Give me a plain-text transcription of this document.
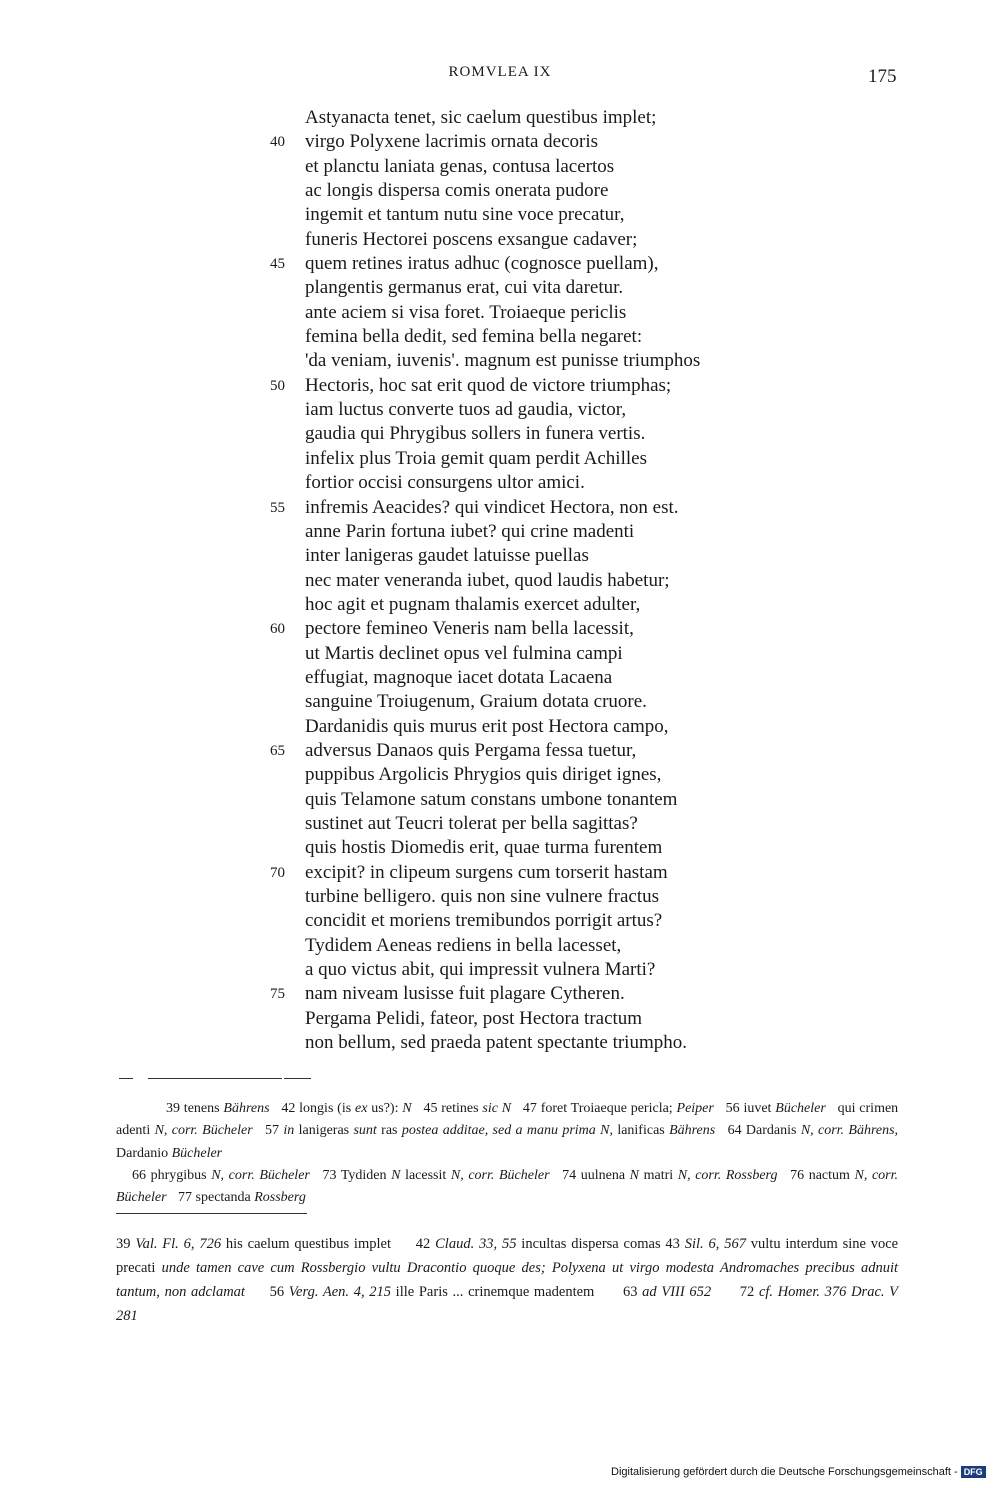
ROMVLEA IX	175
Astyanacta tenet, sic caelum questibus implet;
40 virgo Polyxene lacrimis ornata decoris
et planctu laniata genas, contusa lacertos
ac longis dispersa comis onerata pudore
ingemit et tantum nutu sine voce precatur,
funeris Hectorei poscens exsangue cadaver;
45 quem retines iratus adhuc (cognosce puellam),
plangentis germanus erat, cui vita daretur.
ante aciem si visa foret. Troiaeque periclis
femina bella dedit, sed femina bella negaret:
'da veniam, iuvenis'. magnum est punisse triumphos
50 Hectoris, hoc sat erit quod de victore triumphas;
iam luctus converte tuos ad gaudia, victor,
gaudia qui Phrygibus sollers in funera vertis.
infelix plus Troia gemit quam perdit Achilles
fortior occisi consurgens ultor amici.
55 infremis Aeacides? qui vindicet Hectora, non est.
anne Parin fortuna iubet? qui crine madenti
inter lanigeras gaudet latuisse puellas
nec mater veneranda iubet, quod laudis habetur;
hoc agit et pugnam thalamis exercet adulter,
60 pectore femineo Veneris nam bella lacessit,
ut Martis declinet opus vel fulmina campi
effugiat, magnoque iacet dotata Lacaena
sanguine Troiugenum, Graium dotata cruore.
Dardanidis quis murus erit post Hectora campo,
65 adversus Danaos quis Pergama fessa tuetur,
puppibus Argolicis Phrygios quis diriget ignes,
quis Telamone satum constans umbone tonantem
sustinet aut Teucri tolerat per bella sagittas?
quis hostis Diomedis erit, quae turma furentem
70 excipit? in clipeum surgens cum torserit hastam
turbine belligero. quis non sine vulnere fractus
concidit et moriens tremibundos porrigit artus?
Tydidem Aeneas rediens in bella lacesset,
a quo victus abit, qui impressit vulnera Marti?
75 nam niveam lusisse fuit plagare Cytheren.
Pergama Pelidi, fateor, post Hectora tractum
non bellum, sed praeda patent spectante triumpho.
39 tenens Bährens 42 longis (is ex us?): N 45 retines sic N 47 foret Troiaeque pericla; Peiper 56 iuvet Bücheler qui crimen adenti N, corr. Bücheler 57 in lanigeras sunt ras postea additae, sed a manu prima N, lanificas Bährens 64 Dardanis N, corr. Bährens, Dardanio Bücheler
66 phrygibus N, corr. Bücheler 73 Tydiden N lacessit N, corr. Bücheler 74 uulnena N matri N, corr. Rossberg 76 nactum N, corr. Bücheler 77 spectanda Rossberg
39 Val. Fl. 6, 726 his caelum questibus implet 42 Claud. 33, 55 incultas dispersa comas 43 Sil. 6, 567 vultu interdum sine voce precati unde tamen cave cum Rossbergio vultu Dracontio quoque des; Polyxena ut virgo modesta Andromaches precibus adnuit tantum, non adclamat 56 Verg. Aen. 4, 215 ille Paris ... crinemque madentem 63 ad VIII 652 72 cf. Homer. 376 Drac. V 281
Digitalisierung gefördert durch die Deutsche Forschungsgemeinschaft - DFG
